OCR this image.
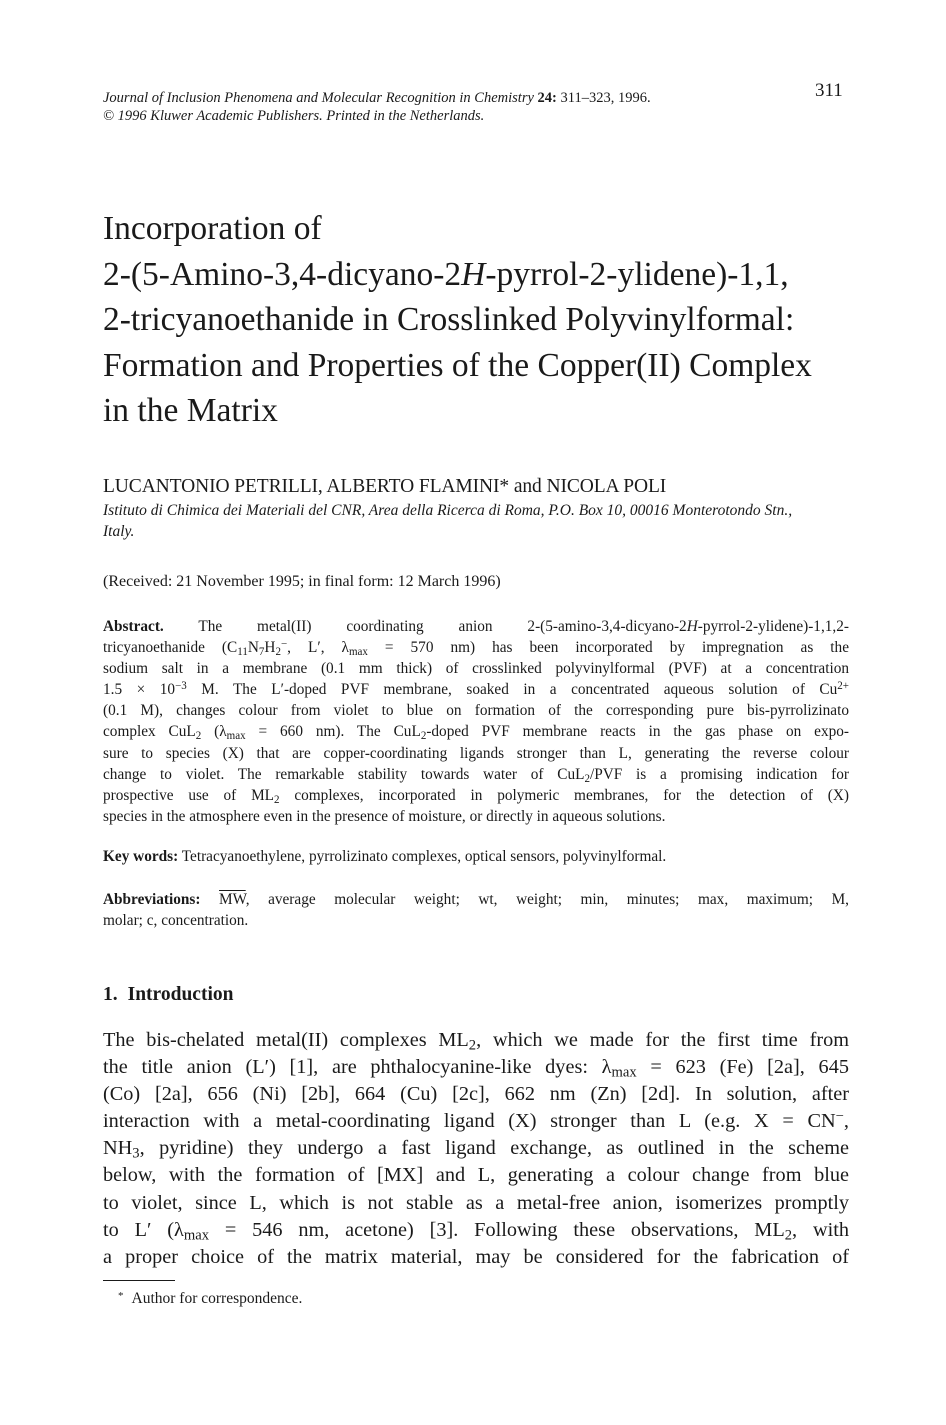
Journal of Inclusion Phenomena and Molecular Recognition in Chemistry 24: 311–323, 1996.
© 1996 Kluwer Academic Publishers. Printed in the Netherlands.
311
Incorporation of
2-(5-Amino-3,4-dicyano-2H-pyrrol-2-ylidene)-1,1,
2-tricyanoethanide in Crosslinked Polyvinylformal:
Formation and Properties of the Copper(II) Complex
in the Matrix
LUCANTONIO PETRILLI, ALBERTO FLAMINI* and NICOLA POLI
Istituto di Chimica dei Materiali del CNR, Area della Ricerca di Roma, P.O. Box 10, 00016 Monterotondo Stn., Italy.
(Received: 21 November 1995; in final form: 12 March 1996)
Abstract. The metal(II) coordinating anion 2-(5-amino-3,4-dicyano-2H-pyrrol-2-ylidene)-1,1,2-
tricyanoethanide ($C_{11}N_7H_2^-$, L′, $\lambda_{max} = 570$ nm) has been incorporated by impregnation as the
sodium salt in a membrane (0.1 mm thick) of crosslinked polyvinylformal (PVF) at a concentration
$1.5 \times 10^{-3}$ M. The L′-doped PVF membrane, soaked in a concentrated aqueous solution of $Cu^{2+}$
(0.1 M), changes colour from violet to blue on formation of the corresponding pure bis-pyrrolizinato
complex CuL$_2$ ($\lambda_{max} = 660$ nm). The CuL$_2$-doped PVF membrane reacts in the gas phase on expo-
sure to species (X) that are copper-coordinating ligands stronger than L, generating the reverse colour
change to violet. The remarkable stability towards water of CuL$_2$/PVF is a promising indication for
prospective use of $ML_2$ complexes, incorporated in polymeric membranes, for the detection of (X)
species in the atmosphere even in the presence of moisture, or directly in aqueous solutions.
Key words: Tetracyanoethylene, pyrrolizinato complexes, optical sensors, polyvinylformal.
Abbreviations: $\overline{MW}$, average molecular weight; wt, weight; min, minutes; max, maximum; M,
molar; c, concentration.
1. Introduction
The bis-chelated metal(II) complexes $ML_2$, which we made for the first time from
the title anion (L′) [1], are phthalocyanine-like dyes: $\lambda_{max} = 623$ (Fe) [2a], 645
(Co) [2a], 656 (Ni) [2b], 664 (Cu) [2c], 662 nm (Zn) [2d]. In solution, after
interaction with a metal-coordinating ligand (X) stronger than L (e.g. X = CN−,
$NH_3$, pyridine) they undergo a fast ligand exchange, as outlined in the scheme
below, with the formation of [MX] and L, generating a colour change from blue
to violet, since L, which is not stable as a metal-free anion, isomerizes promptly
to L′ ($\lambda_{max} = 546$ nm, acetone) [3]. Following these observations, $ML_2$, with
a proper choice of the matrix material, may be considered for the fabrication of
* Author for correspondence.
